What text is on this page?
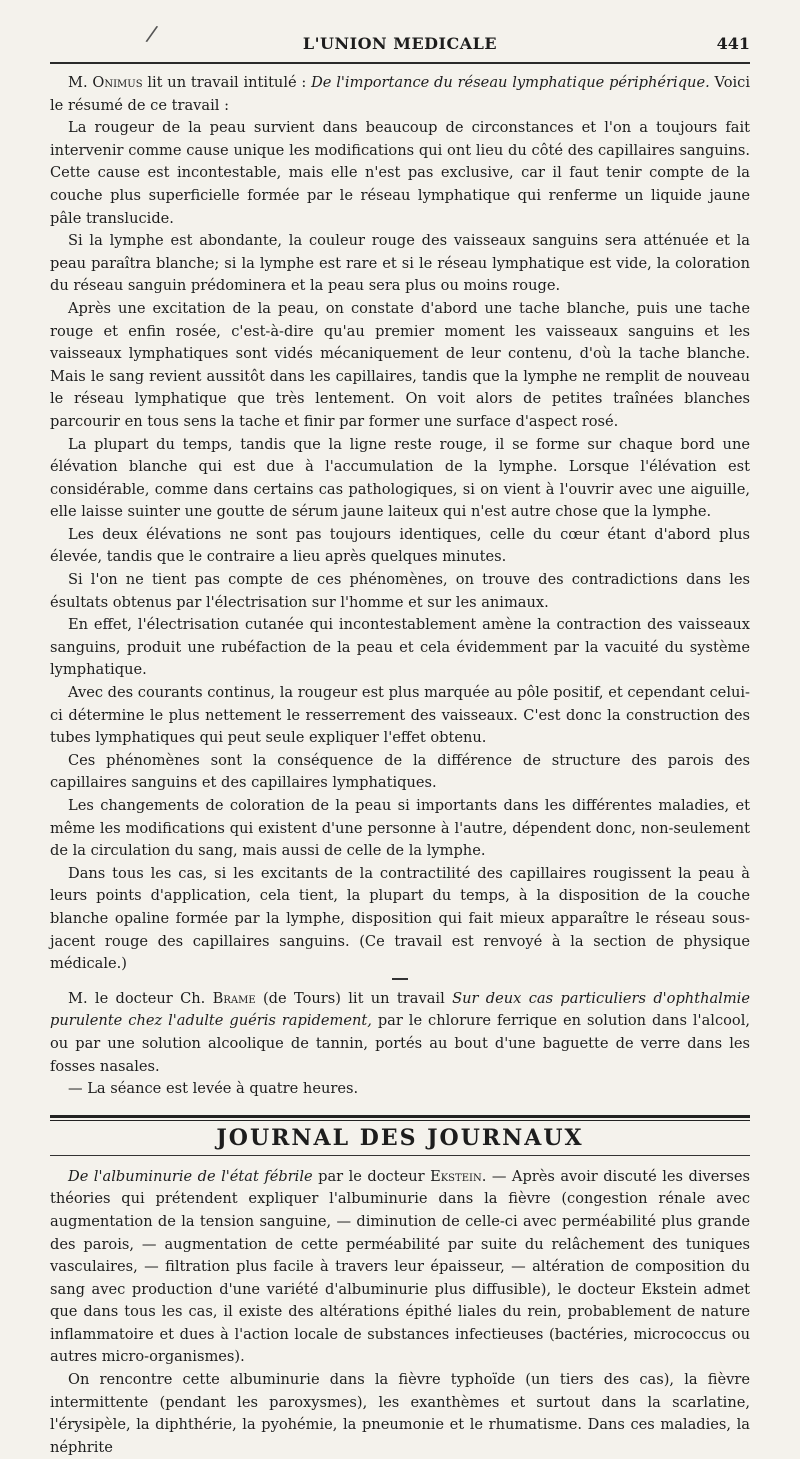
/	L'UNION MEDICALE	441

M. Onimus lit un travail intitulé : De l'importance du réseau lymphatique périphérique. Voici le résumé de ce travail :

La rougeur de la peau survient dans beaucoup de circonstances et l'on a toujours fait intervenir comme cause unique les modifications qui ont lieu du côté des capillaires sanguins. Cette cause est incontestable, mais elle n'est pas exclusive, car il faut tenir compte de la couche plus superficielle formée par le réseau lymphatique qui renferme un liquide jaune pâle translucide.

Si la lymphe est abondante, la couleur rouge des vaisseaux sanguins sera atténuée et la peau paraîtra blanche; si la lymphe est rare et si le réseau lymphatique est vide, la coloration du réseau sanguin prédominera et la peau sera plus ou moins rouge.

Après une excitation de la peau, on constate d'abord une tache blanche, puis une tache rouge et enfin rosée, c'est-à-dire qu'au premier moment les vaisseaux sanguins et les vaisseaux lymphatiques sont vidés mécaniquement de leur contenu, d'où la tache blanche. Mais le sang revient aussitôt dans les capillaires, tandis que la lymphe ne remplit de nouveau le réseau lymphatique que très lentement. On voit alors de petites traînées blanches parcourir en tous sens la tache et finir par former une surface d'aspect rosé.

La plupart du temps, tandis que la ligne reste rouge, il se forme sur chaque bord une élévation blanche qui est due à l'accumulation de la lymphe. Lorsque l'élévation est considérable, comme dans certains cas pathologiques, si on vient à l'ouvrir avec une aiguille, elle laisse suinter une goutte de sérum jaune laiteux qui n'est autre chose que la lymphe.

Les deux élévations ne sont pas toujours identiques, celle du cœur étant d'abord plus élevée, tandis que le contraire a lieu après quelques minutes.

Si l'on ne tient pas compte de ces phénomènes, on trouve des contradictions dans les ésultats obtenus par l'électrisation sur l'homme et sur les animaux.

En effet, l'électrisation cutanée qui incontestablement amène la contraction des vaisseaux sanguins, produit une rubéfaction de la peau et cela évidemment par la vacuité du système lymphatique.

Avec des courants continus, la rougeur est plus marquée au pôle positif, et cependant celui-ci détermine le plus nettement le resserrement des vaisseaux. C'est donc la construction des tubes lymphatiques qui peut seule expliquer l'effet obtenu.

Ces phénomènes sont la conséquence de la différence de structure des parois des capillaires sanguins et des capillaires lymphatiques.

Les changements de coloration de la peau si importants dans les différentes maladies, et même les modifications qui existent d'une personne à l'autre, dépendent donc, non-seulement de la circulation du sang, mais aussi de celle de la lymphe.

Dans tous les cas, si les excitants de la contractilité des capillaires rougissent la peau à leurs points d'application, cela tient, la plupart du temps, à la disposition de la couche blanche opaline formée par la lymphe, disposition qui fait mieux apparaître le réseau sous-jacent rouge des capillaires sanguins. (Ce travail est renvoyé à la section de physique médicale.)

M. le docteur Ch. Brame (de Tours) lit un travail Sur deux cas particuliers d'ophthalmie purulente chez l'adulte guéris rapidement, par le chlorure ferrique en solution dans l'alcool, ou par une solution alcoolique de tannin, portés au bout d'une baguette de verre dans les fosses nasales.

— La séance est levée à quatre heures.

JOURNAL DES JOURNAUX

De l'albuminurie de l'état fébrile par le docteur Ekstein. — Après avoir discuté les diverses théories qui prétendent expliquer l'albuminurie dans la fièvre (congestion rénale avec augmentation de la tension sanguine, — diminution de celle-ci avec perméabilité plus grande des parois, — augmentation de cette perméabilité par suite du relâchement des tuniques vasculaires, — filtration plus facile à travers leur épaisseur, — altération de composition du sang avec production d'une variété d'albuminurie plus diffusible), le docteur Ekstein admet que dans tous les cas, il existe des altérations épithé liales du rein, probablement de nature inflammatoire et dues à l'action locale de substances infectieuses (bactéries, micrococcus ou autres micro-organismes).

On rencontre cette albuminurie dans la fièvre typhoïde (un tiers des cas), la fièvre intermittente (pendant les paroxysmes), les exanthèmes et surtout dans la scarlatine, l'érysipèle, la diphthérie, la pyohémie, la pneumonie et le rhumatisme. Dans ces maladies, la néphrite
